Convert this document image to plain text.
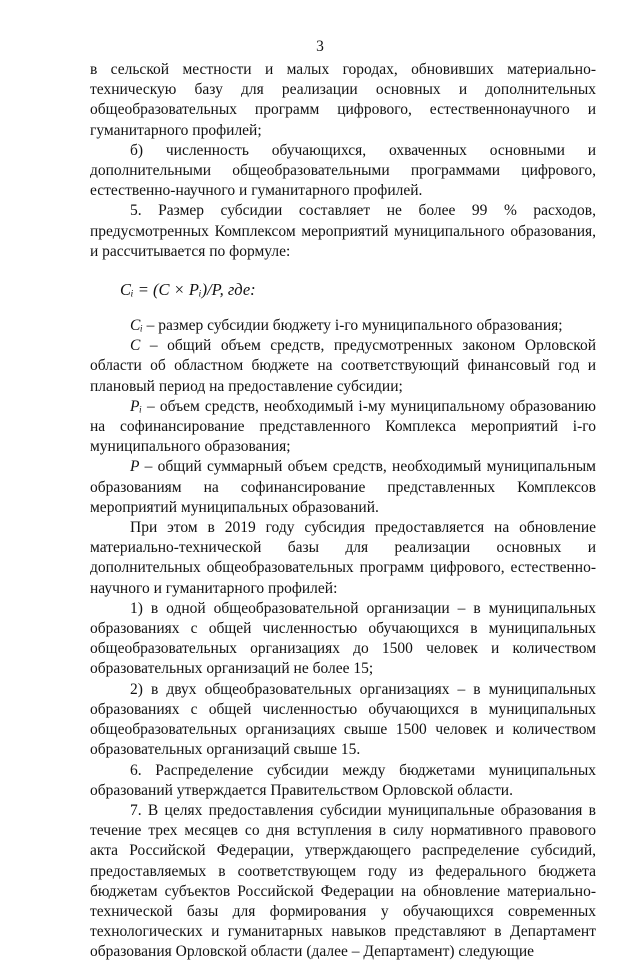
3

в сельской местности и малых городах, обновивших материально-техническую базу для реализации основных и дополнительных общеобразовательных программ цифрового, естественнонаучного и гуманитарного профилей;

б) численность обучающихся, охваченных основными и дополнительными общеобразовательными программами цифрового, естественно-научного и гуманитарного профилей.

5. Размер субсидии составляет не более 99 % расходов, предусмотренных Комплексом мероприятий муниципального образования, и рассчитывается по формуле:

Cᵢ = (C × Pᵢ)/P, где:

Cᵢ – размер субсидии бюджету i-го муниципального образования;

C – общий объем средств, предусмотренных законом Орловской области об областном бюджете на соответствующий финансовый год и плановый период на предоставление субсидии;

Pᵢ – объем средств, необходимый i-му муниципальному образованию на софинансирование представленного Комплекса мероприятий i-го муниципального образования;

P – общий суммарный объем средств, необходимый муниципальным образованиям на софинансирование представленных Комплексов мероприятий муниципальных образований.

При этом в 2019 году субсидия предоставляется на обновление материально-технической базы для реализации основных и дополнительных общеобразовательных программ цифрового, естественно-научного и гуманитарного профилей:

1) в одной общеобразовательной организации – в муниципальных образованиях с общей численностью обучающихся в муниципальных общеобразовательных организациях до 1500 человек и количеством образовательных организаций не более 15;

2) в двух общеобразовательных организациях – в муниципальных образованиях с общей численностью обучающихся в муниципальных общеобразовательных организациях свыше 1500 человек и количеством образовательных организаций свыше 15.

6. Распределение субсидии между бюджетами муниципальных образований утверждается Правительством Орловской области.

7. В целях предоставления субсидии муниципальные образования в течение трех месяцев со дня вступления в силу нормативного правового акта Российской Федерации, утверждающего распределение субсидий, предоставляемых в соответствующем году из федерального бюджета бюджетам субъектов Российской Федерации на обновление материально-технической базы для формирования у обучающихся современных технологических и гуманитарных навыков представляют в Департамент образования Орловской области (далее – Департамент) следующие
